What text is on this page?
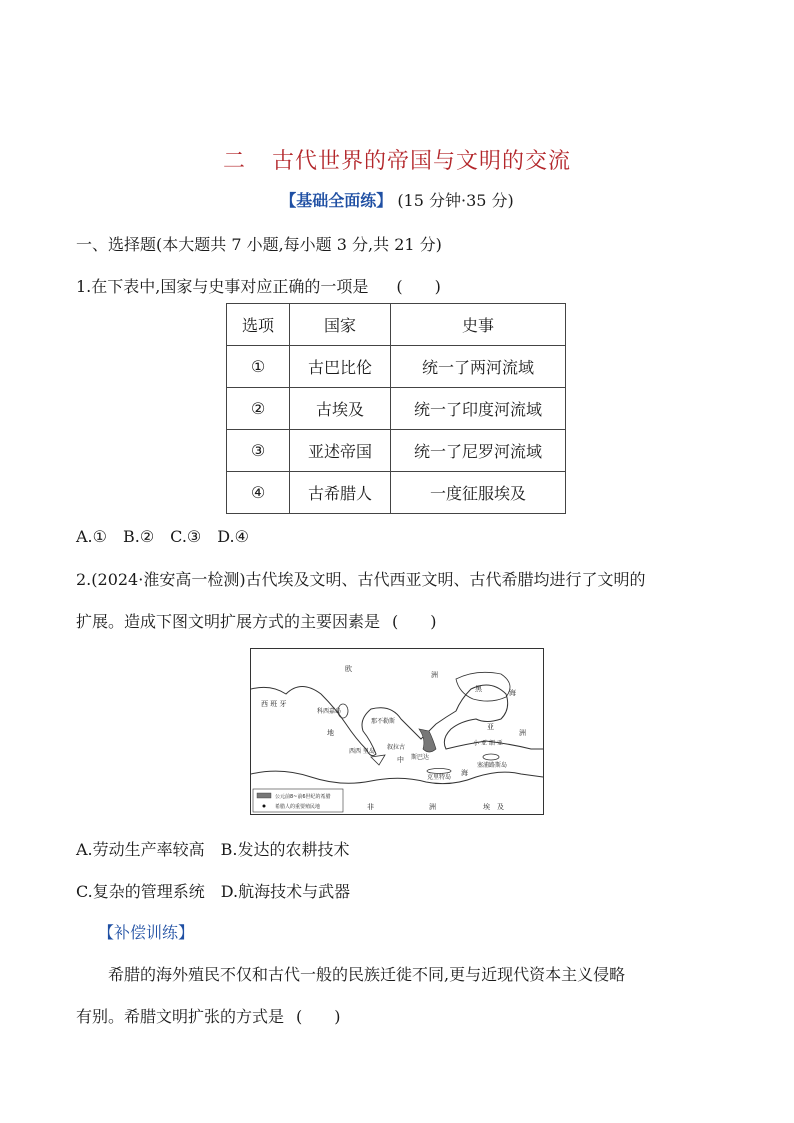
二 古代世界的帝国与文明的交流
【基础全面练】 (15 分钟·35 分)
一、选择题(本大题共 7 小题,每小题 3 分,共 21 分)
1.在下表中,国家与史事对应正确的一项是 (　　)
选项	国家	史事
①	古巴比伦	统一了两河流域
②	古埃及	统一了印度河流域
③	亚述帝国	统一了尼罗河流域
④	古希腊人	一度征服埃及
A.①　B.②　C.③　D.④
2.(2024·淮安高一检测)古代埃及文明、古代西亚文明、古代希腊均进行了文明的
扩展。造成下图文明扩展方式的主要因素是 (　　)
欧
洲
黑	海
西 班 牙
科西嘉岛
那不勒斯
亚
洲
小 亚 细 亚
地
中
海
西西 里岛
叙拉古
斯巴达
克里特岛
塞浦路斯岛
非	洲	埃　及
公元前8~前6世纪的希腊
希腊人的重要殖民地
A.劳动生产率较高　B.发达的农耕技术
C.复杂的管理系统　D.航海技术与武器
【补偿训练】
希腊的海外殖民不仅和古代一般的民族迁徙不同,更与近现代资本主义侵略
有别。希腊文明扩张的方式是 (　　)
